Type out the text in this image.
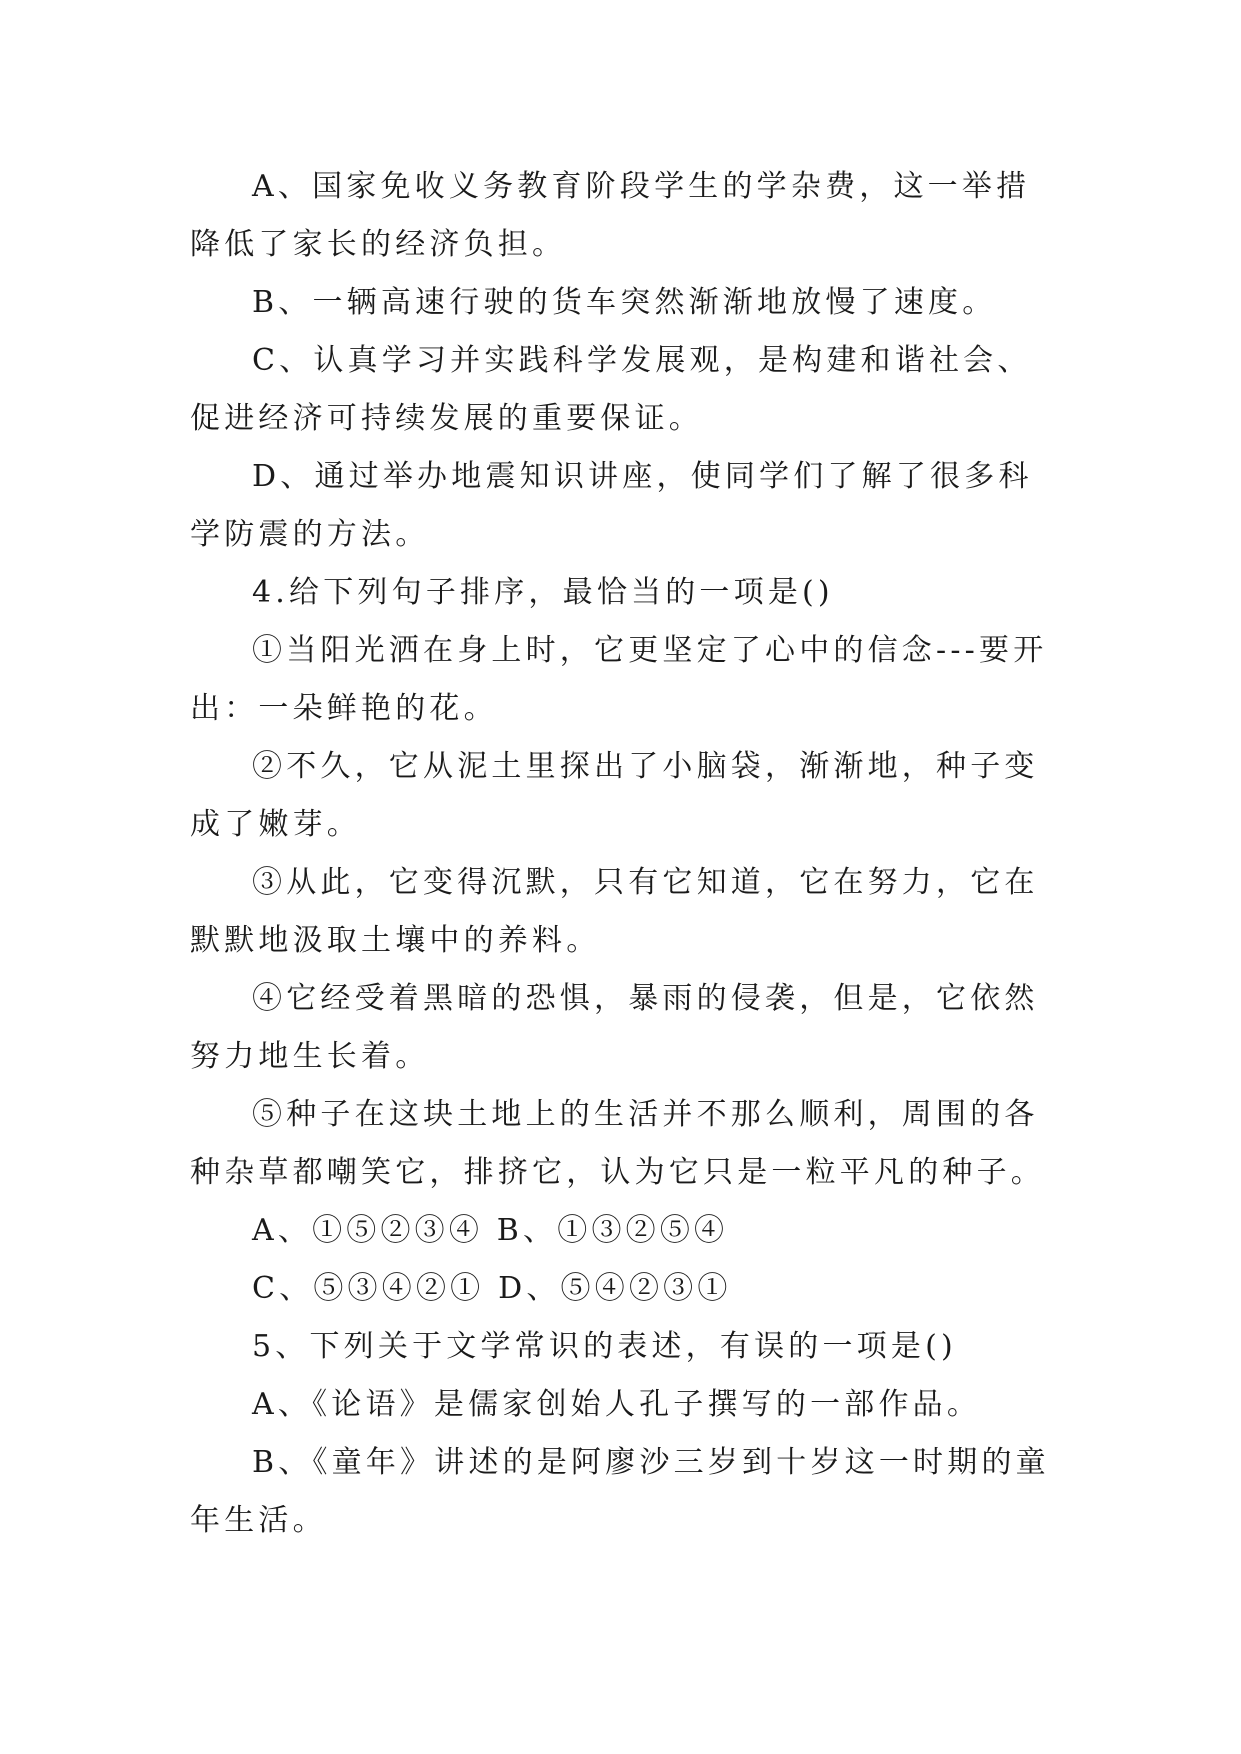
A、国家免收义务教育阶段学生的学杂费，这一举措降低了家长的经济负担。

B、一辆高速行驶的货车突然渐渐地放慢了速度。

C、认真学习并实践科学发展观，是构建和谐社会、促进经济可持续发展的重要保证。

D、通过举办地震知识讲座，使同学们了解了很多科学防震的方法。

4.给下列句子排序，最恰当的一项是()

①当阳光洒在身上时，它更坚定了心中的信念---要开出：一朵鲜艳的花。

②不久，它从泥土里探出了小脑袋，渐渐地，种子变成了嫩芽。

③从此，它变得沉默，只有它知道，它在努力，它在默默地汲取土壤中的养料。

④它经受着黑暗的恐惧，暴雨的侵袭，但是，它依然努力地生长着。

⑤种子在这块土地上的生活并不那么顺利，周围的各种杂草都嘲笑它，排挤它，认为它只是一粒平凡的种子。

A、①⑤②③④ B、①③②⑤④

C、⑤③④②① D、⑤④②③①

5、下列关于文学常识的表述，有误的一项是()

A、《论语》是儒家创始人孔子撰写的一部作品。

B、《童年》讲述的是阿廖沙三岁到十岁这一时期的童年生活。
